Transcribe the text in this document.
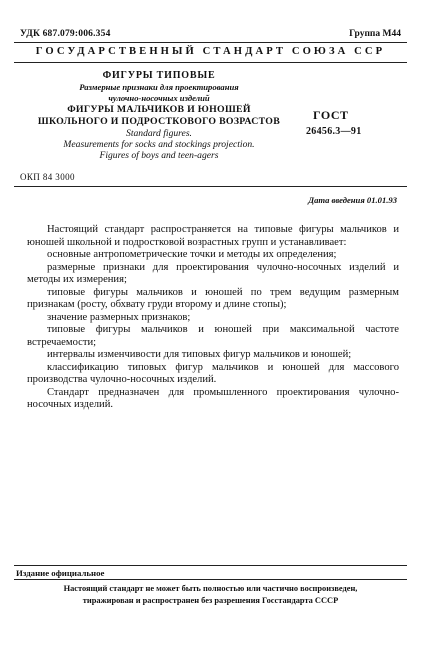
УДК 687.079:006.354	Группа М44
ГОСУДАРСТВЕННЫЙ СТАНДАРТ СОЮЗА ССР
ФИГУРЫ ТИПОВЫЕ
Размерные признаки для проектирования
чулочно-носочных изделий
ФИГУРЫ МАЛЬЧИКОВ И ЮНОШЕЙ
ШКОЛЬНОГО И ПОДРОСТКОВОГО ВОЗРАСТОВ
Standard figures.
Measurements for socks and stockings projection.
Figures of boys and teen-agers
ГОСТ
26456.3—91
ОКП 84 3000
Дата введения 01.01.93

Настоящий стандарт распространяется на типовые фигуры мальчиков и юношей школьной и подростковой возрастных групп и устанавливает:

основные антропометрические точки и методы их определения;

размерные признаки для проектирования чулочно-носочных изделий и методы их измерения;

типовые фигуры мальчиков и юношей по трем ведущим размерным признакам (росту, обхвату груди второму и длине стопы);

значение размерных признаков;

типовые фигуры мальчиков и юношей при максимальной частоте встречаемости;

интервалы изменчивости для типовых фигур мальчиков и юношей;

классификацию типовых фигур мальчиков и юношей для массового производства чулочно-носочных изделий.

Стандарт предназначен для промышленного проектирования чулочно-носочных изделий.

Издание официальное
Настоящий стандарт не может быть полностью или частично воспроизведен,
тиражирован и распространен без разрешения Госстандарта СССР
